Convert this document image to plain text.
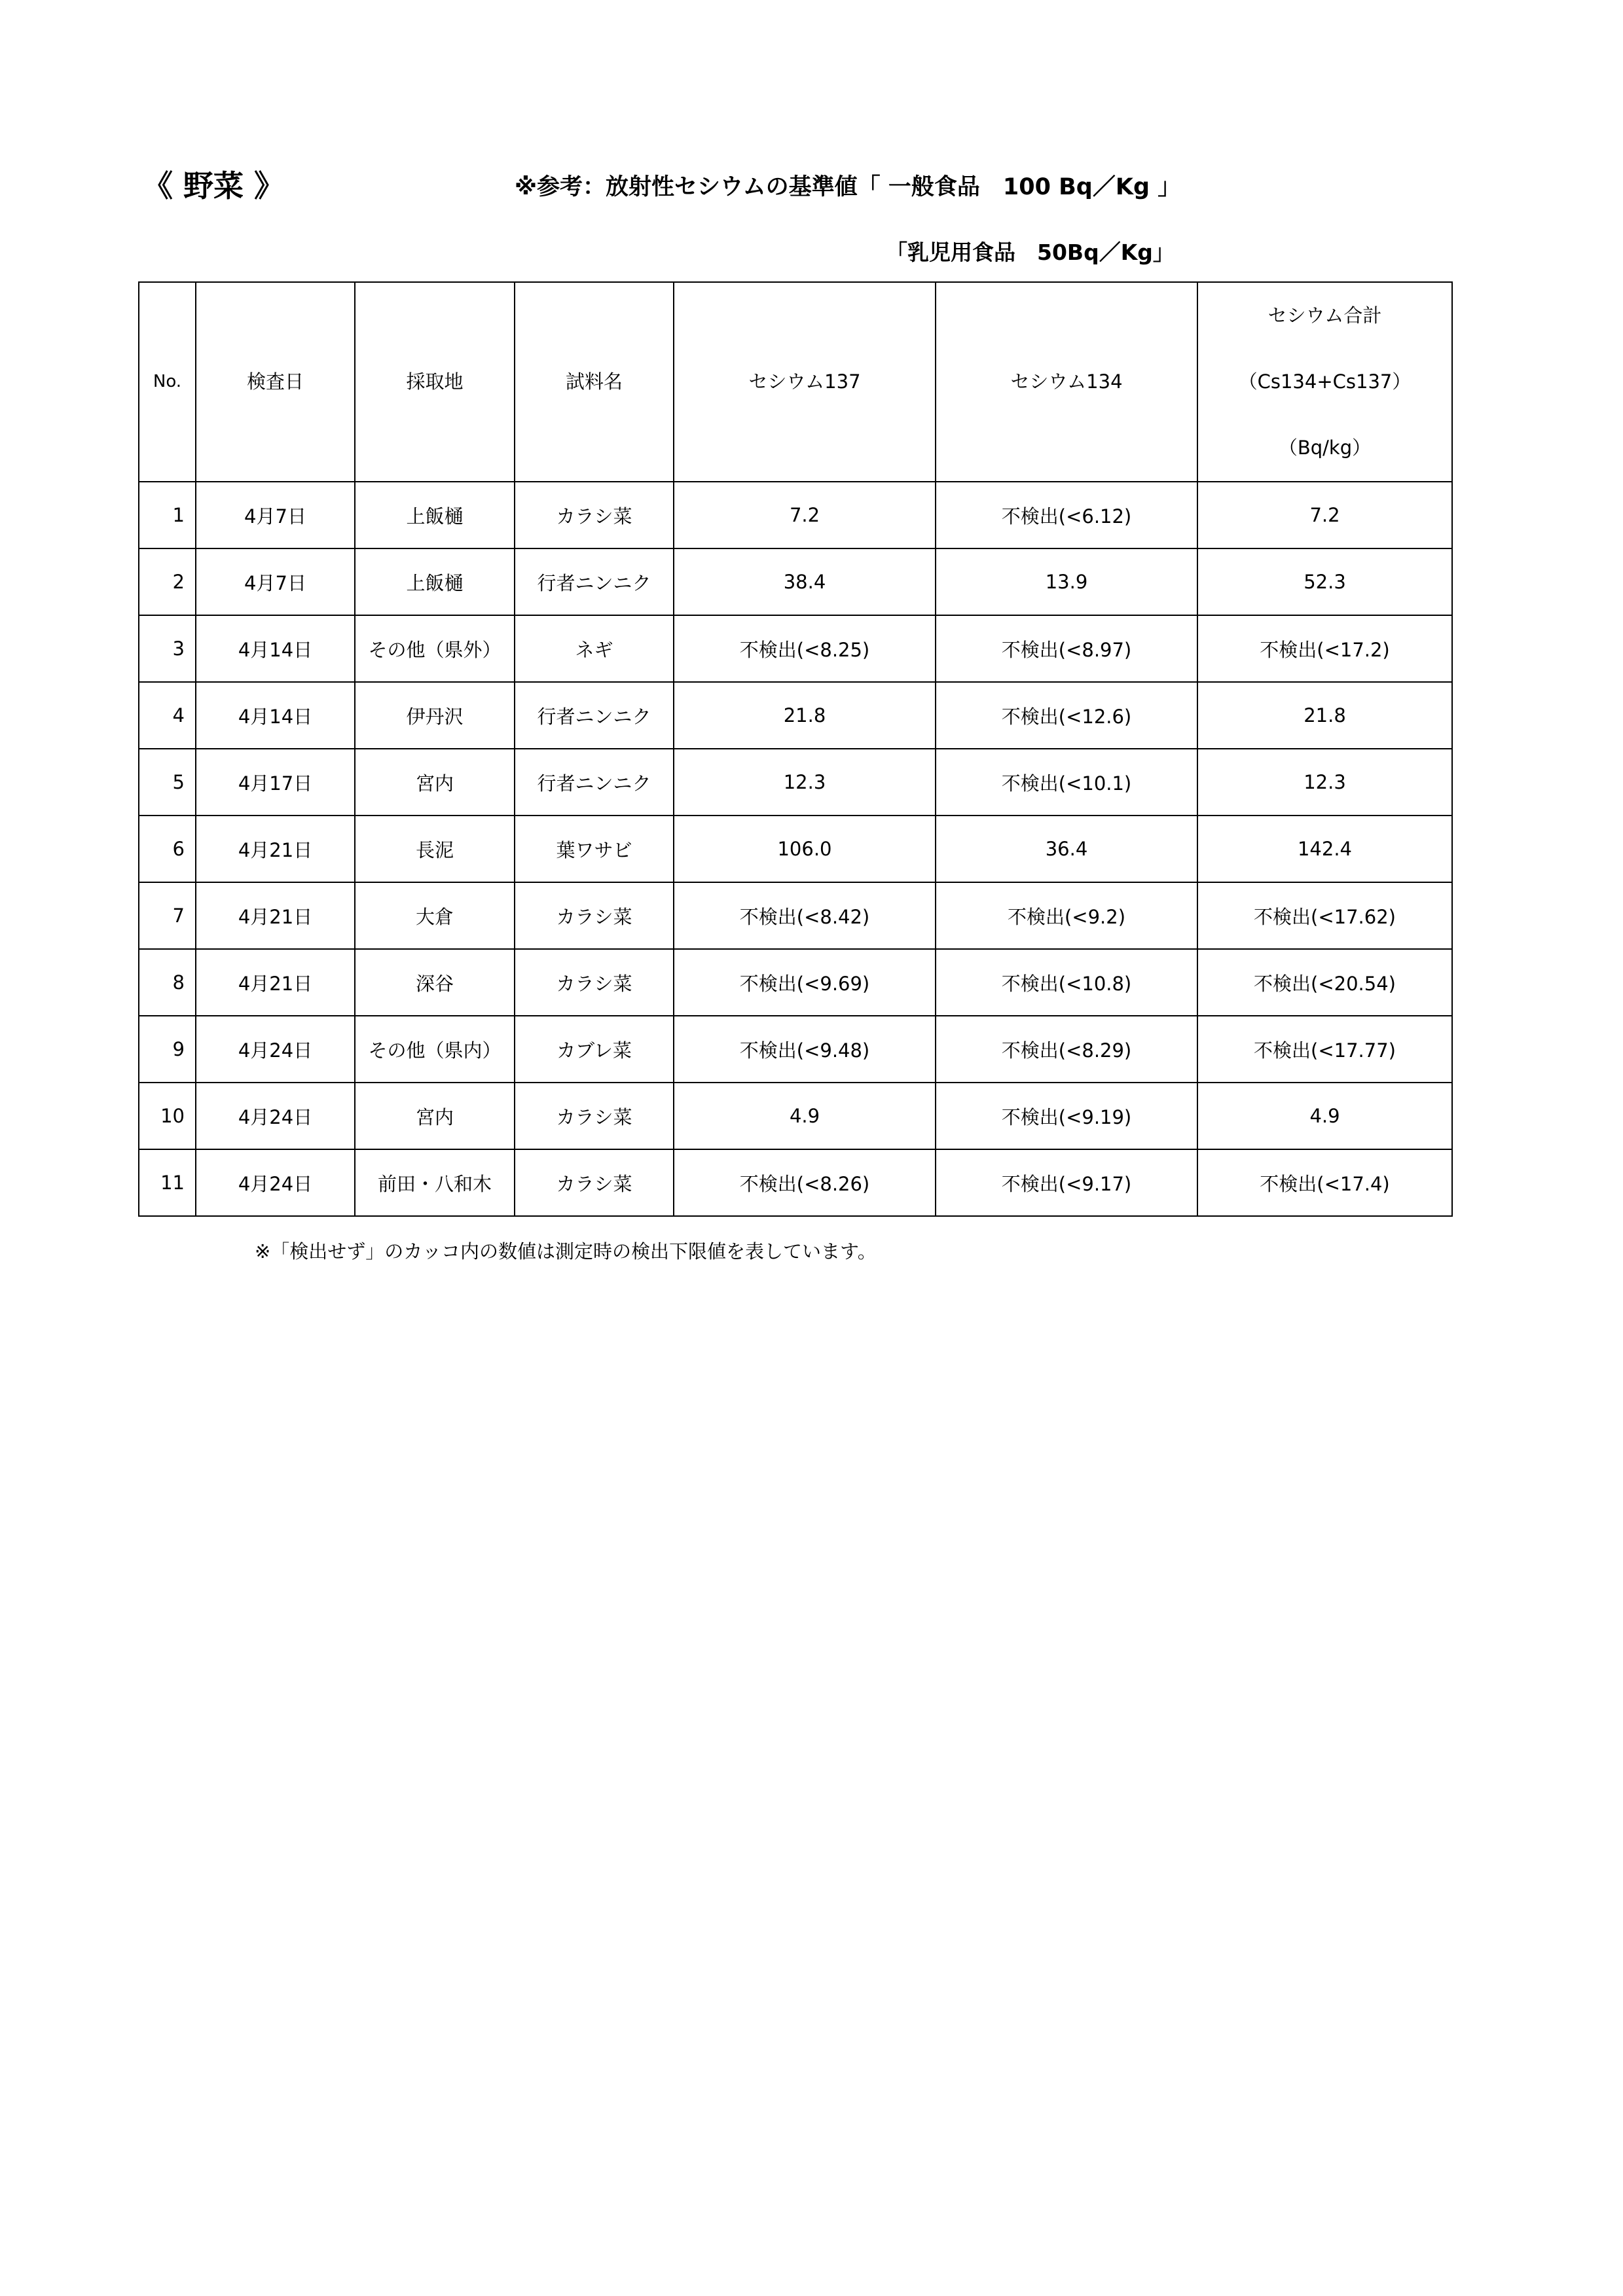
《 野菜 》	※参考：放射性セシウムの基準値「 一般食品　100 Bq／Kg 」
「乳児用食品　50Bq／Kg」
No.	検査日	採取地	試料名	セシウム137	セシウム134	セシウム合計
（Cs134+Cs137）
（Bq/kg）

1	4月7日	上飯樋	カラシ菜	7.2	不検出(<6.12)	7.2
2	4月7日	上飯樋	行者ニンニク	38.4	13.9	52.3
3	4月14日	その他（県外）	ネギ	不検出(<8.25)	不検出(<8.97)	不検出(<17.2)
4	4月14日	伊丹沢	行者ニンニク	21.8	不検出(<12.6)	21.8
5	4月17日	宮内	行者ニンニク	12.3	不検出(<10.1)	12.3
6	4月21日	長泥	葉ワサビ	106.0	36.4	142.4
7	4月21日	大倉	カラシ菜	不検出(<8.42)	不検出(<9.2)	不検出(<17.62)
8	4月21日	深谷	カラシ菜	不検出(<9.69)	不検出(<10.8)	不検出(<20.54)
9	4月24日	その他（県内）	カブレ菜	不検出(<9.48)	不検出(<8.29)	不検出(<17.77)
10	4月24日	宮内	カラシ菜	4.9	不検出(<9.19)	4.9
11	4月24日	前田・八和木	カラシ菜	不検出(<8.26)	不検出(<9.17)	不検出(<17.4)
※「検出せず」のカッコ内の数値は測定時の検出下限値を表しています。
